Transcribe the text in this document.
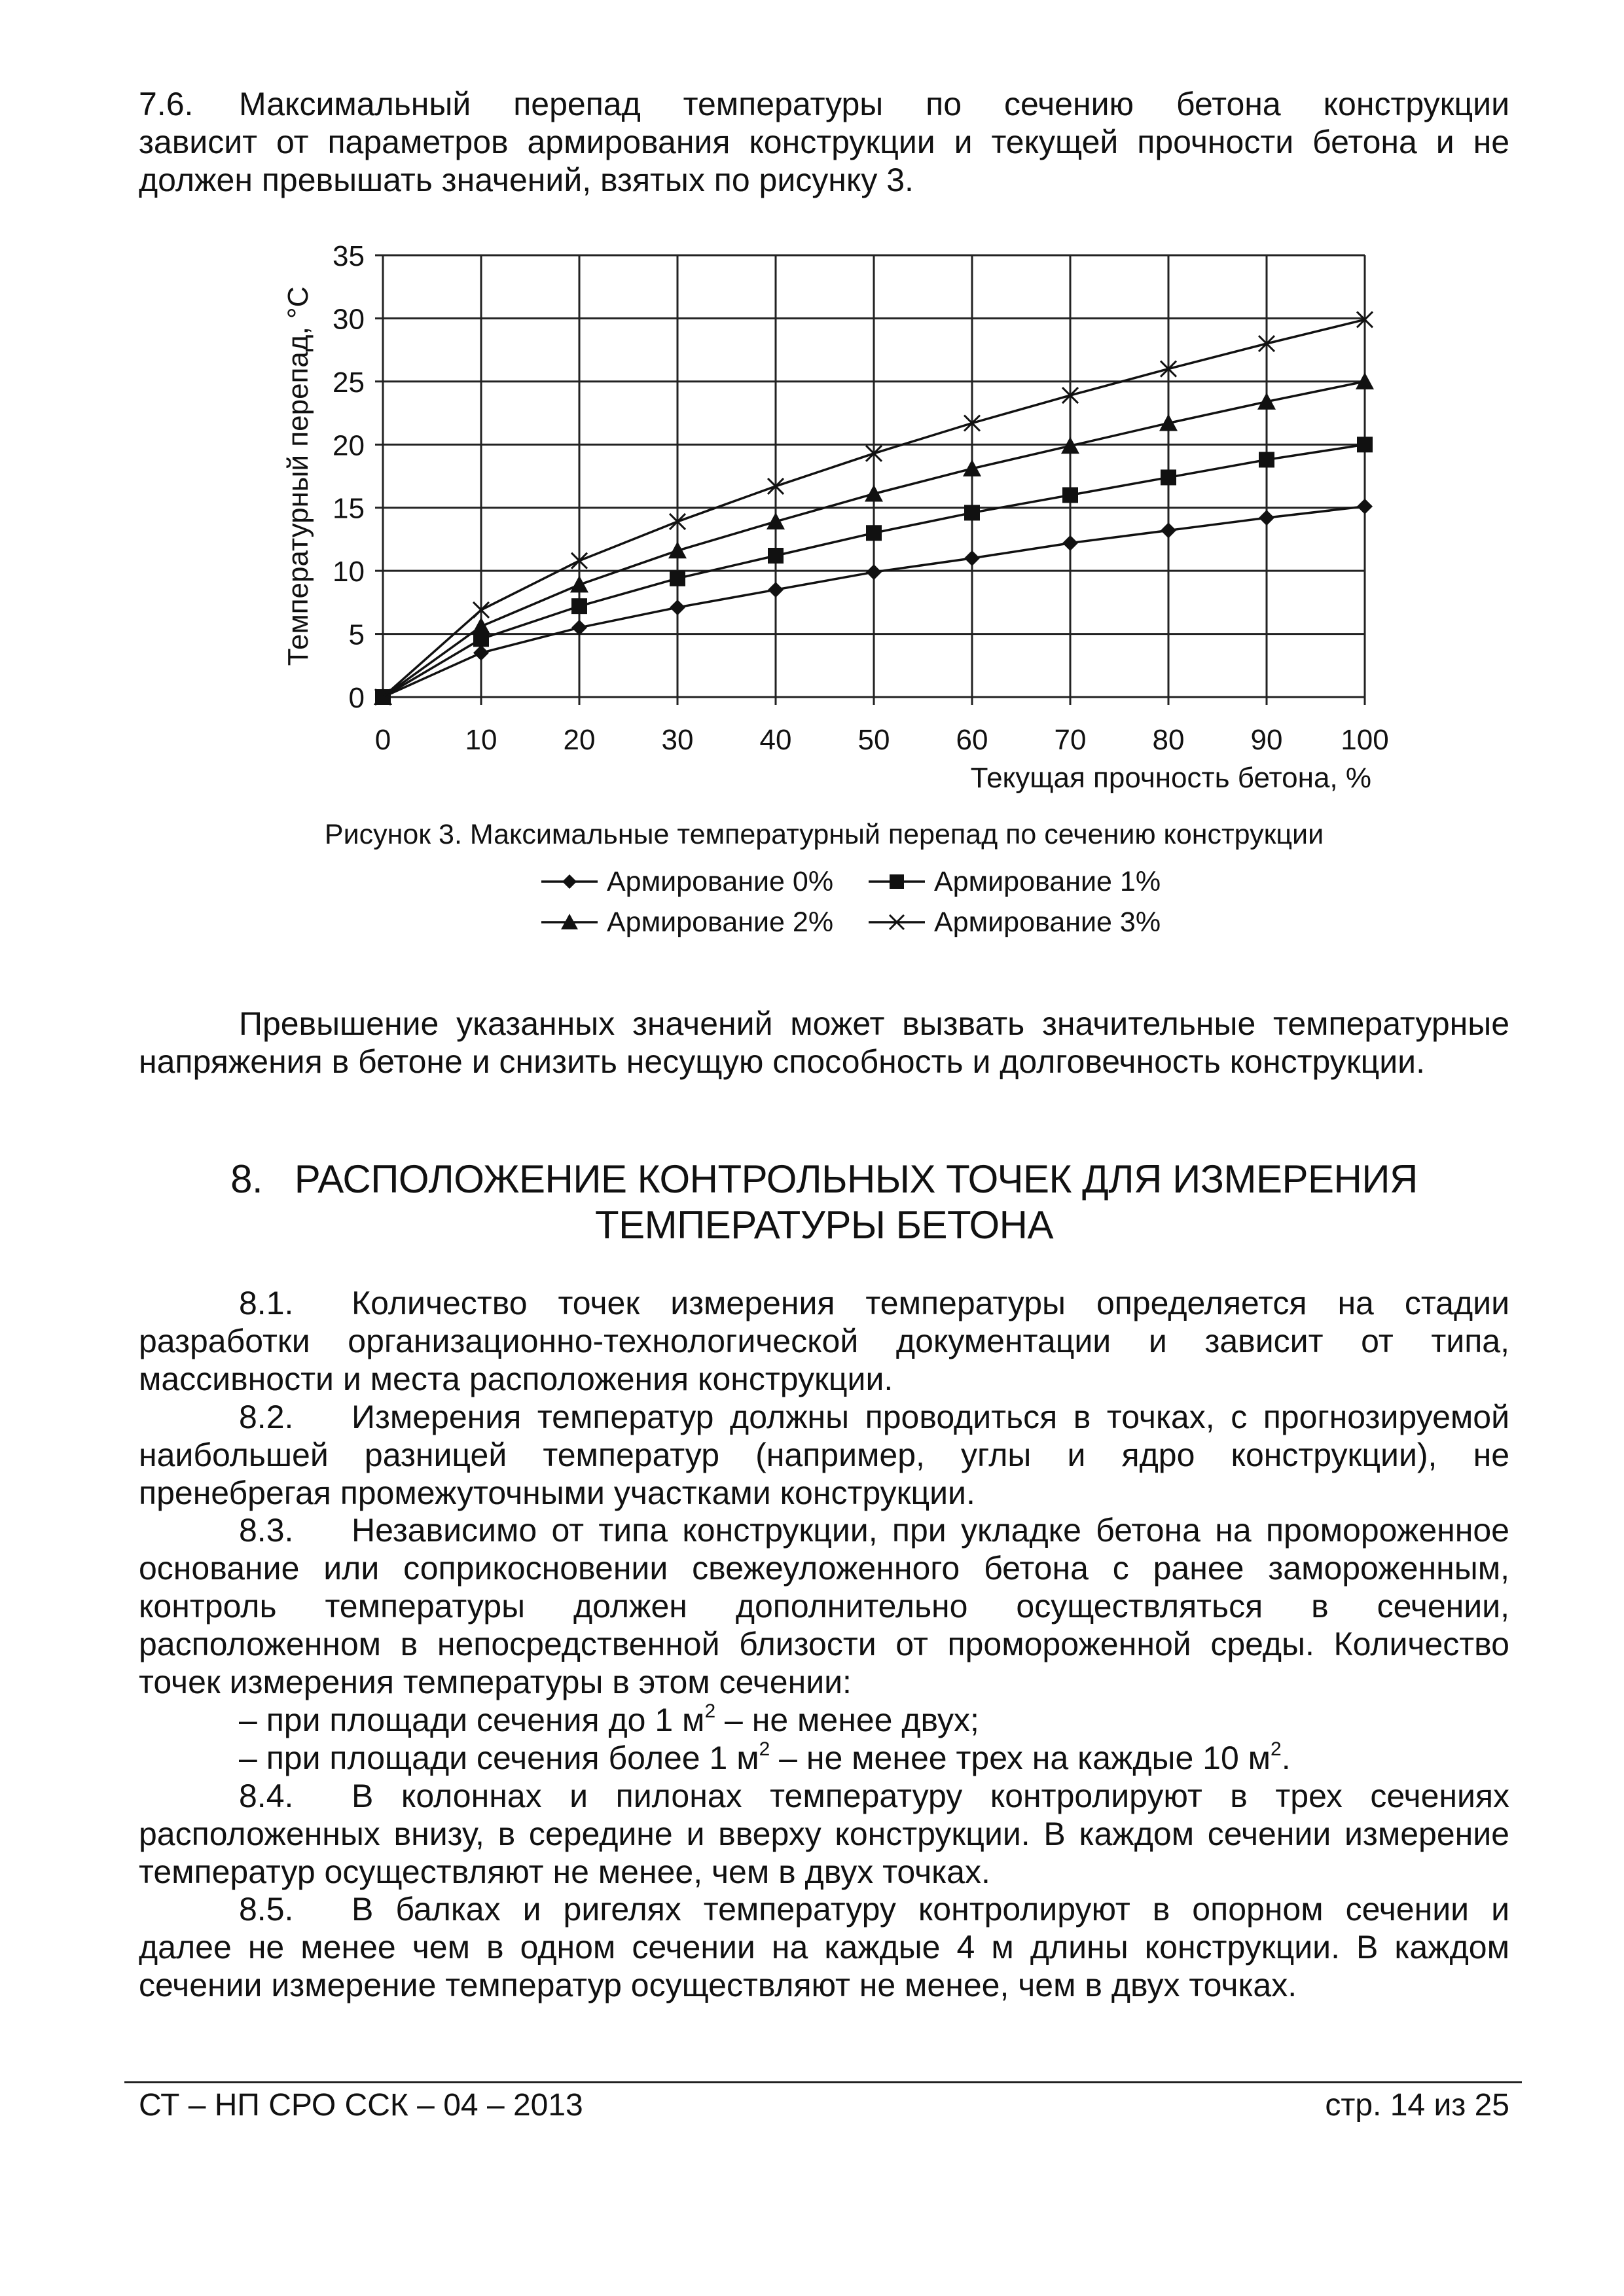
7.6. Максимальный перепад температуры по сечению бетона конструкции
зависит от параметров армирования конструкции и текущей прочности бетона и не
должен превышать значений, взятых по рисунку 3.
0
5
10
15
20
25
30
35
0	10 20 30 40 50 60 70 80 90 100
Текущая прочность бетона, %
Температурный перепад, °С
Рисунок 3. Максимальные температурный перепад по сечению конструкции
Армирование 0%	Армирование 1%
Армирование 2%	Армирование 3%
Превышение указанных значений может вызвать значительные температурные
напряжения в бетоне и снизить несущую способность и долговечность конструкции.
8. РАСПОЛОЖЕНИЕ КОНТРОЛЬНЫХ ТОЧЕК ДЛЯ ИЗМЕРЕНИЯ
ТЕМПЕРАТУРЫ БЕТОНА
8.1. Количество точек измерения температуры определяется на стадии
разработки организационно-технологической документации и зависит от типа,
массивности и места расположения конструкции.
8.2. Измерения температур должны проводиться в точках, с прогнозируемой
наибольшей разницей температур (например, углы и ядро конструкции), не
пренебрегая промежуточными участками конструкции.
8.3. Независимо от типа конструкции, при укладке бетона на промороженное
основание или соприкосновении свежеуложенного бетона с ранее замороженным,
контроль температуры должен дополнительно осуществляться в сечении,
расположенном в непосредственной близости от промороженной среды. Количество
точек измерения температуры в этом сечении:
– при площади сечения до 1 $м^2$ – не менее двух;
– при площади сечения более 1 $м^2$ – не менее трех на каждые 10 $м^2$.
8.4. В колоннах и пилонах температуру контролируют в трех сечениях
расположенных внизу, в середине и вверху конструкции. В каждом сечении измерение
температур осуществляют не менее, чем в двух точках.
8.5. В балках и ригелях температуру контролируют в опорном сечении и
далее не менее чем в одном сечении на каждые 4 м длины конструкции. В каждом
сечении измерение температур осуществляют не менее, чем в двух точках.
СТ – НП СРО ССК – 04 – 2013	стр. 14 из 25
